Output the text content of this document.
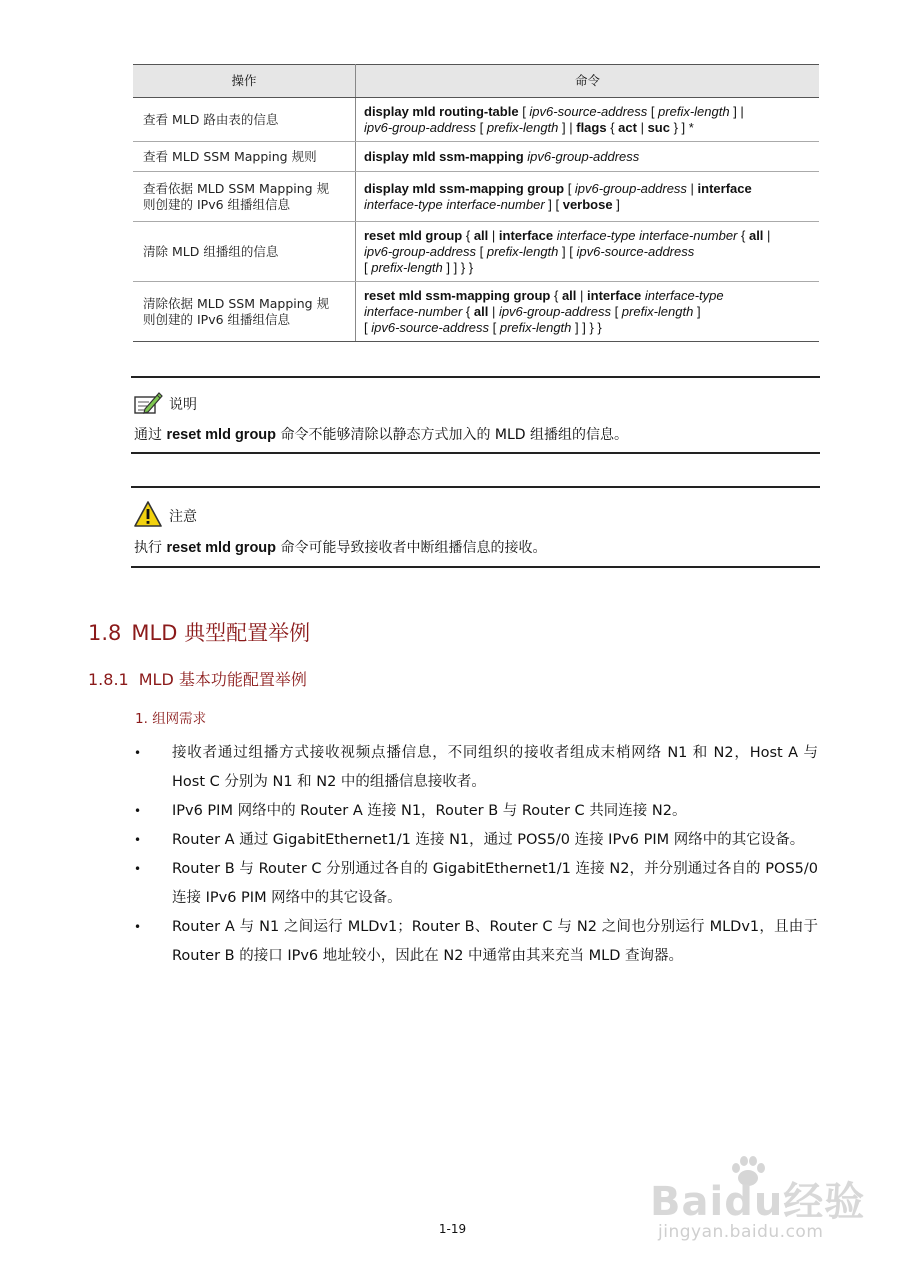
操作	命令

查看 MLD 路由表的信息	display mld routing-table [ ipv6-source-address [ prefix-length ] |
ipv6-group-address [ prefix-length ] | flags { act | suc } ] *

查看 MLD SSM Mapping 规则	display mld ssm-mapping ipv6-group-address

查看依据 MLD SSM Mapping 规
则创建的 IPv6 组播组信息	display mld ssm-mapping group [ ipv6-group-address | interface
interface-type interface-number ] [ verbose ]

清除 MLD 组播组的信息	reset mld group { all | interface interface-type interface-number { all |
ipv6-group-address [ prefix-length ] [ ipv6-source-address
[ prefix-length ] ] } }

清除依据 MLD SSM Mapping 规
则创建的 IPv6 组播组信息	reset mld ssm-mapping group { all | interface interface-type
interface-number { all | ipv6-group-address [ prefix-length ]
[ ipv6-source-address [ prefix-length ] ] } }
说明
通过 reset mld group 命令不能够清除以静态方式加入的 MLD 组播组的信息。
注意
执行 reset mld group 命令可能导致接收者中断组播信息的接收。
1.8 MLD 典型配置举例
1.8.1 MLD 基本功能配置举例
1. 组网需求
• 接收者通过组播方式接收视频点播信息，不同组织的接收者组成末梢网络 N1 和 N2，Host A 与 Host C 分别为 N1 和 N2 中的组播信息接收者。
• IPv6 PIM 网络中的 Router A 连接 N1，Router B 与 Router C 共同连接 N2。
• Router A 通过 GigabitEthernet1/1 连接 N1，通过 POS5/0 连接 IPv6 PIM 网络中的其它设备。
• Router B 与 Router C 分别通过各自的 GigabitEthernet1/1 连接 N2，并分别通过各自的 POS5/0 连接 IPv6 PIM 网络中的其它设备。
• Router A 与 N1 之间运行 MLDv1；Router B、Router C 与 N2 之间也分别运行 MLDv1，且由于 Router B 的接口 IPv6 地址较小，因此在 N2 中通常由其来充当 MLD 查询器。
1-19
Baidu经验
jingyan.baidu.com
